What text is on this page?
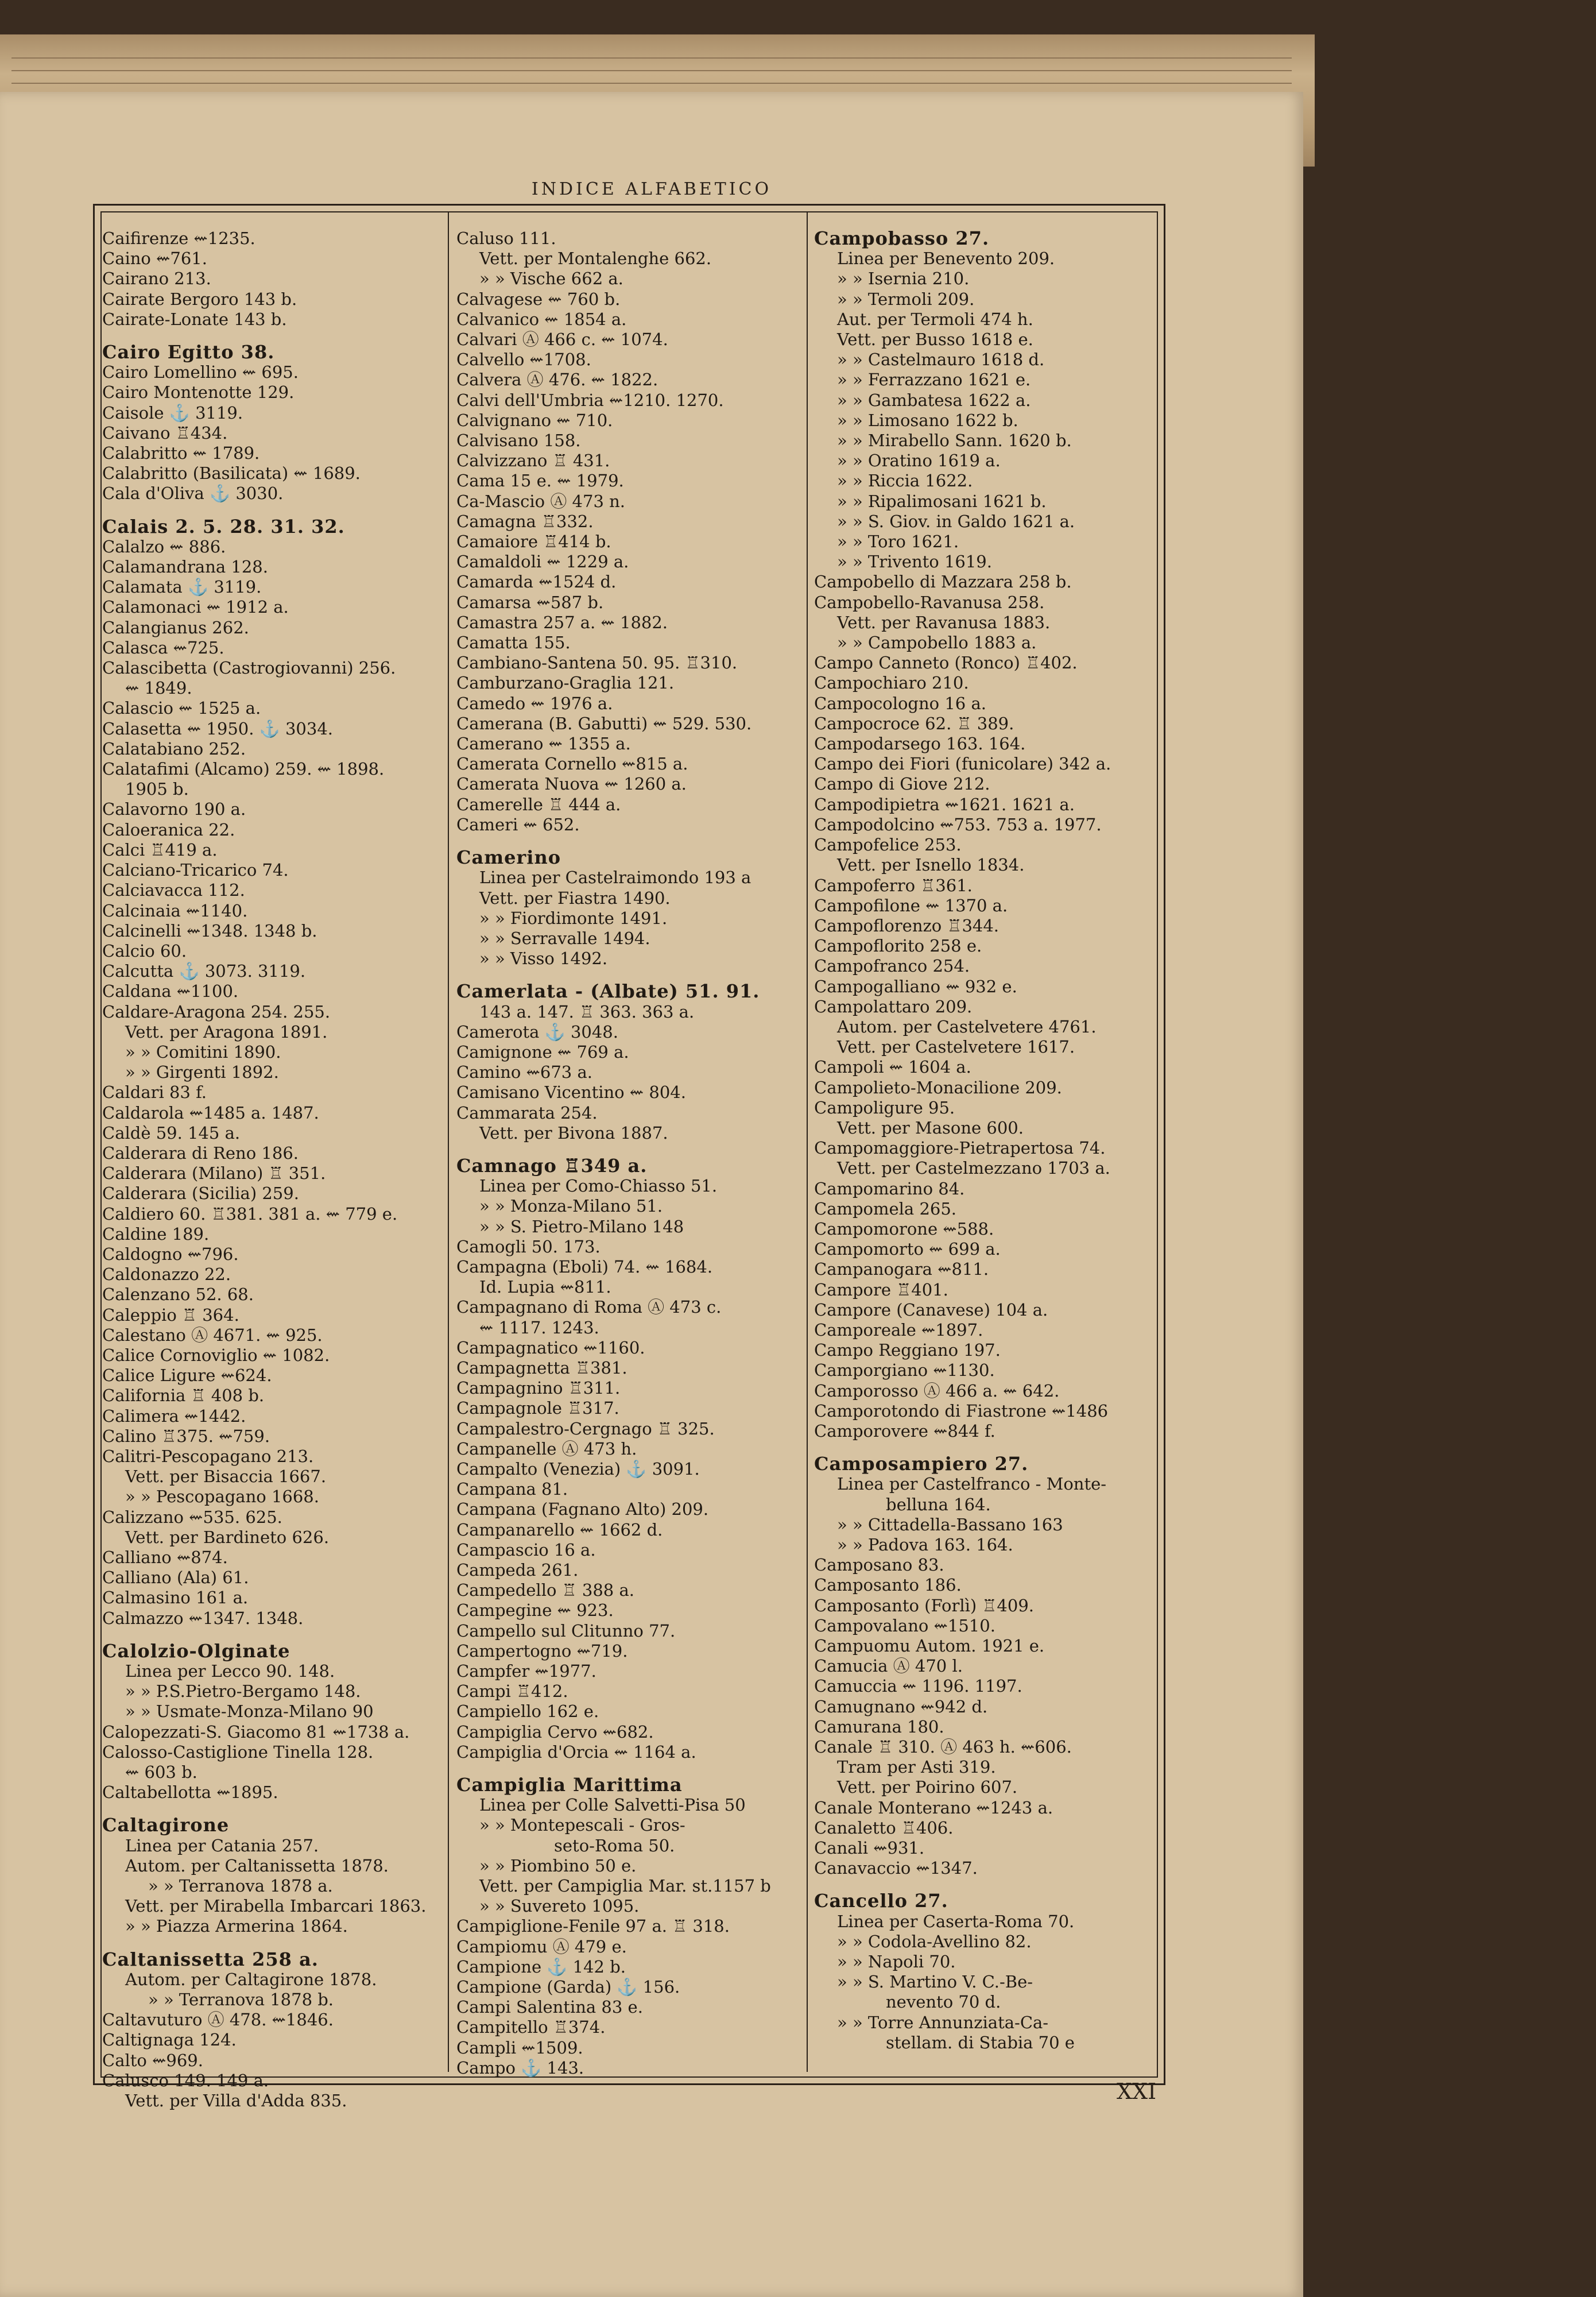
INDICE ALFABETICO
Caifirenze ⇜1235.
Caino ⇜761.
Cairano 213.
Cairate Bergoro 143 b.
Cairate-Lonate 143 b.
Cairo Egitto 38.
Cairo Lomellino ⇜ 695.
Cairo Montenotte 129.
Caisole ⚓ 3119.
Caivano ♖434.
Calabritto ⇜ 1789.
Calabritto (Basilicata) ⇜ 1689.
Cala d'Oliva ⚓ 3030.
Calais 2. 5. 28. 31. 32.
Calalzo ⇜ 886.
Calamandrana 128.
Calamata ⚓ 3119.
Calamonaci ⇜ 1912 a.
Calangianus 262.
Calasca ⇜725.
Calascibetta (Castrogiovanni) 256.
⇜ 1849.
Calascio ⇜ 1525 a.
Calasetta ⇜ 1950. ⚓ 3034.
Calatabiano 252.
Calatafimi (Alcamo) 259. ⇜ 1898.
1905 b.
Calavorno 190 a.
Caloeranica 22.
Calci ♖419 a.
Calciano-Tricarico 74.
Calciavacca 112.
Calcinaia ⇜1140.
Calcinelli ⇜1348. 1348 b.
Calcio 60.
Calcutta ⚓ 3073. 3119.
Caldana ⇜1100.
Caldare-Aragona 254. 255.
Vett. per Aragona 1891.
» » Comitini 1890.
» » Girgenti 1892.
Caldari 83 f.
Caldarola ⇜1485 a. 1487.
Caldè 59. 145 a.
Calderara di Reno 186.
Calderara (Milano) ♖ 351.
Calderara (Sicilia) 259.
Caldiero 60. ♖381. 381 a. ⇜ 779 e.
Caldine 189.
Caldogno ⇜796.
Caldonazzo 22.
Calenzano 52. 68.
Caleppio ♖ 364.
Calestano Ⓐ 4671. ⇜ 925.
Calice Cornoviglio ⇜ 1082.
Calice Ligure ⇜624.
California ♖ 408 b.
Calimera ⇜1442.
Calino ♖375. ⇜759.
Calitri-Pescopagano 213.
Vett. per Bisaccia 1667.
» » Pescopagano 1668.
Calizzano ⇜535. 625.
Vett. per Bardineto 626.
Calliano ⇜874.
Calliano (Ala) 61.
Calmasino 161 a.
Calmazzo ⇜1347. 1348.
Calolzio-Olginate
Linea per Lecco 90. 148.
» » P.S.Pietro-Bergamo 148.
» » Usmate-Monza-Milano 90
Calopezzati-S. Giacomo 81 ⇜1738 a.
Calosso-Castiglione Tinella 128.
⇜ 603 b.
Caltabellotta ⇜1895.
Caltagirone
Linea per Catania 257.
Autom. per Caltanissetta 1878.
» » Terranova 1878 a.
Vett. per Mirabella Imbarcari 1863.
» » Piazza Armerina 1864.
Caltanissetta 258 a.
Autom. per Caltagirone 1878.
» » Terranova 1878 b.
Caltavuturo Ⓐ 478. ⇜1846.
Caltignaga 124.
Calto ⇜969.
Calusco 149. 149 a.
Vett. per Villa d'Adda 835.
Caluso 111.
Vett. per Montalenghe 662.
» » Vische 662 a.
Calvagese ⇜ 760 b.
Calvanico ⇜ 1854 a.
Calvari Ⓐ 466 c. ⇜ 1074.
Calvello ⇜1708.
Calvera Ⓐ 476. ⇜ 1822.
Calvi dell'Umbria ⇜1210. 1270.
Calvignano ⇜ 710.
Calvisano 158.
Calvizzano ♖ 431.
Cama 15 e. ⇜ 1979.
Ca-Mascio Ⓐ 473 n.
Camagna ♖332.
Camaiore ♖414 b.
Camaldoli ⇜ 1229 a.
Camarda ⇜1524 d.
Camarsa ⇜587 b.
Camastra 257 a. ⇜ 1882.
Camatta 155.
Cambiano-Santena 50. 95. ♖310.
Camburzano-Graglia 121.
Camedo ⇜ 1976 a.
Camerana (B. Gabutti) ⇜ 529. 530.
Camerano ⇜ 1355 a.
Camerata Cornello ⇜815 a.
Camerata Nuova ⇜ 1260 a.
Camerelle ♖ 444 a.
Cameri ⇜ 652.
Camerino
Linea per Castelraimondo 193 a
Vett. per Fiastra 1490.
» » Fiordimonte 1491.
» » Serravalle 1494.
» » Visso 1492.
Camerlata - (Albate) 51. 91.
143 a. 147. ♖ 363. 363 a.
Camerota ⚓ 3048.
Camignone ⇜ 769 a.
Camino ⇜673 a.
Camisano Vicentino ⇜ 804.
Cammarata 254.
Vett. per Bivona 1887.
Camnago ♖349 a.
Linea per Como-Chiasso 51.
» » Monza-Milano 51.
» » S. Pietro-Milano 148
Camogli 50. 173.
Campagna (Eboli) 74. ⇜ 1684.
Id. Lupia ⇜811.
Campagnano di Roma Ⓐ 473 c.
⇜ 1117. 1243.
Campagnatico ⇜1160.
Campagnetta ♖381.
Campagnino ♖311.
Campagnole ♖317.
Campalestro-Cergnago ♖ 325.
Campanelle Ⓐ 473 h.
Campalto (Venezia) ⚓ 3091.
Campana 81.
Campana (Fagnano Alto) 209.
Campanarello ⇜ 1662 d.
Campascio 16 a.
Campeda 261.
Campedello ♖ 388 a.
Campegine ⇜ 923.
Campello sul Clitunno 77.
Campertogno ⇜719.
Campfer ⇜1977.
Campi ♖412.
Campiello 162 e.
Campiglia Cervo ⇜682.
Campiglia d'Orcia ⇜ 1164 a.
Campiglia Marittima
Linea per Colle Salvetti-Pisa 50
» » Montepescali - Gros-
seto-Roma 50.
» » Piombino 50 e.
Vett. per Campiglia Mar. st.1157 b
» » Suvereto 1095.
Campiglione-Fenile 97 a. ♖ 318.
Campiomu Ⓐ 479 e.
Campione ⚓ 142 b.
Campione (Garda) ⚓ 156.
Campi Salentina 83 e.
Campitello ♖374.
Campli ⇜1509.
Campo ⚓ 143.
Campobasso 27.
Linea per Benevento 209.
» » Isernia 210.
» » Termoli 209.
Aut. per Termoli 474 h.
Vett. per Busso 1618 e.
» » Castelmauro 1618 d.
» » Ferrazzano 1621 e.
» » Gambatesa 1622 a.
» » Limosano 1622 b.
» » Mirabello Sann. 1620 b.
» » Oratino 1619 a.
» » Riccia 1622.
» » Ripalimosani 1621 b.
» » S. Giov. in Galdo 1621 a.
» » Toro 1621.
» » Trivento 1619.
Campobello di Mazzara 258 b.
Campobello-Ravanusa 258.
Vett. per Ravanusa 1883.
» » Campobello 1883 a.
Campo Canneto (Ronco) ♖402.
Campochiaro 210.
Campocologno 16 a.
Campocroce 62. ♖ 389.
Campodarsego 163. 164.
Campo dei Fiori (funicolare) 342 a.
Campo di Giove 212.
Campodipietra ⇜1621. 1621 a.
Campodolcino ⇜753. 753 a. 1977.
Campofelice 253.
Vett. per Isnello 1834.
Campoferro ♖361.
Campofilone ⇜ 1370 a.
Campoflorenzo ♖344.
Campoflorito 258 e.
Campofranco 254.
Campogalliano ⇜ 932 e.
Campolattaro 209.
Autom. per Castelvetere 4761.
Vett. per Castelvetere 1617.
Campoli ⇜ 1604 a.
Campolieto-Monacilione 209.
Campoligure 95.
Vett. per Masone 600.
Campomaggiore-Pietrapertosa 74.
Vett. per Castelmezzano 1703 a.
Campomarino 84.
Campomela 265.
Campomorone ⇜588.
Campomorto ⇜ 699 a.
Campanogara ⇜811.
Campore ♖401.
Campore (Canavese) 104 a.
Camporeale ⇜1897.
Campo Reggiano 197.
Camporgiano ⇜1130.
Camporosso Ⓐ 466 a. ⇜ 642.
Camporotondo di Fiastrone ⇜1486
Camporovere ⇜844 f.
Camposampiero 27.
Linea per Castelfranco - Monte-
belluna 164.
» » Cittadella-Bassano 163
» » Padova 163. 164.
Camposano 83.
Camposanto 186.
Camposanto (Forlì) ♖409.
Campovalano ⇜1510.
Campuomu Autom. 1921 e.
Camucia Ⓐ 470 l.
Camuccia ⇜ 1196. 1197.
Camugnano ⇜942 d.
Camurana 180.
Canale ♖ 310. Ⓐ 463 h. ⇜606.
Tram per Asti 319.
Vett. per Poirino 607.
Canale Monterano ⇜1243 a.
Canaletto ♖406.
Canali ⇜931.
Canavaccio ⇜1347.
Cancello 27.
Linea per Caserta-Roma 70.
» » Codola-Avellino 82.
» » Napoli 70.
» » S. Martino V. C.-Be-
nevento 70 d.
» » Torre Annunziata-Ca-
stellam. di Stabia 70 e
XXI
